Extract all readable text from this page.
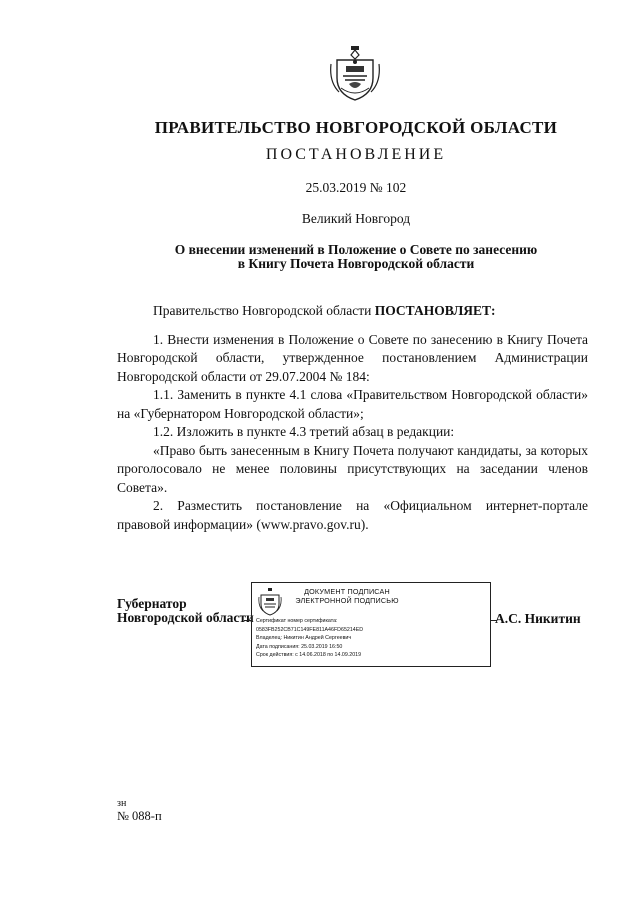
ПРАВИТЕЛЬСТВО НОВГОРОДСКОЙ ОБЛАСТИ
ПОСТАНОВЛЕНИЕ
25.03.2019 № 102
Великий Новгород
О внесении изменений в Положение о Совете по занесению
в Книгу Почета Новгородской области

Правительство Новгородской области ПОСТАНОВЛЯЕТ:

1. Внести изменения в Положение о Совете по занесению в Книгу Почета Новгородской области, утвержденное постановлением Администрации Новгородской области от 29.07.2004 № 184:

1.1. Заменить в пункте 4.1 слова «Правительством Новгородской области» на «Губернатором Новгородской области»;

1.2. Изложить в пункте 4.3 третий абзац в редакции:

«Право быть занесенным в Книгу Почета получают кандидаты, за которых проголосовало не менее половины присутствующих на заседании членов Совета».

2. Разместить постановление на «Официальном интернет-портале правовой информации» (www.pravo.gov.ru).

Губернатор
Новгородской области
ДОКУМЕНТ ПОДПИСАН
ЭЛЕКТРОННОЙ ПОДПИСЬЮ
Сертификат номер сертификата:
0583FB252CB71C149FE811A46FD65214ED
Владелец: Никитин Андрей Сергеевич
Дата подписания: 25.03.2019 16:50
Срок действия: с 14.06.2018 по 14.09.2019
А.С. Никитин
зн
№ 088-п
